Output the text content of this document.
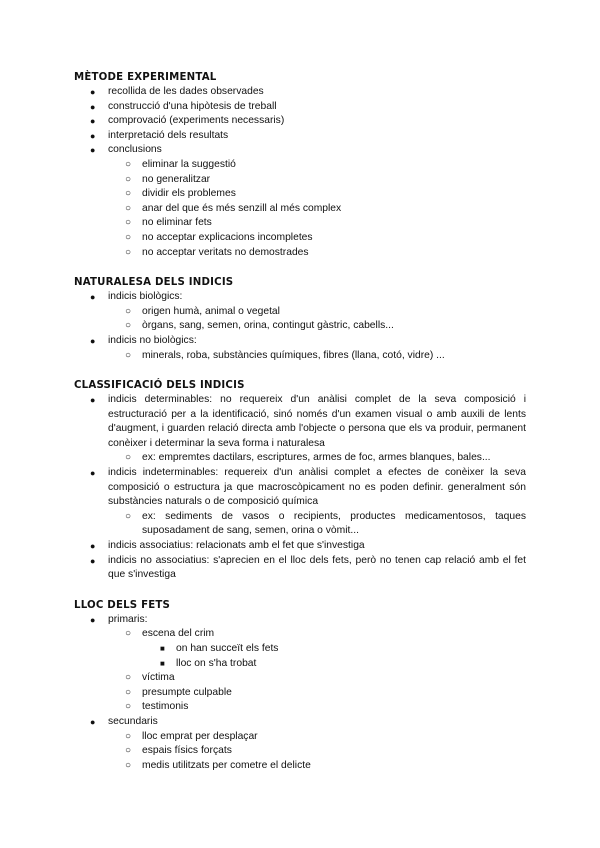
MÈTODE EXPERIMENTAL
● recollida de les dades observades
● construcció d'una hipòtesis de treball
● comprovació (experiments necessaris)
● interpretació dels resultats
● conclusions
○ eliminar la suggestió
○ no generalitzar
○ dividir els problemes
○ anar del que és més senzill al més complex
○ no eliminar fets
○ no acceptar explicacions incompletes
○ no acceptar veritats no demostrades
NATURALESA DELS INDICIS
● indicis biològics:
○ origen humà, animal o vegetal
○ òrgans, sang, semen, orina, contingut gàstric, cabells...
● indicis no biològics:
○ minerals, roba, substàncies químiques, fibres (llana, cotó, vidre) ...
CLASSIFICACIÓ DELS INDICIS
● indicis determinables: no requereix d'un anàlisi complet de la seva composició i estructuració per a la identificació, sinó només d'un examen visual o amb auxili de lents d'augment, i guarden relació directa amb l'objecte o persona que els va produir, permanent conèixer i determinar la seva forma i naturalesa
○ ex: empremtes dactilars, escriptures, armes de foc, armes blanques, bales...
● indicis indeterminables: requereix d'un anàlisi complet a efectes de conèixer la seva composició o estructura ja que macroscòpicament no es poden definir. generalment són substàncies naturals o de composició química
○ ex: sediments de vasos o recipients, productes medicamentosos, taques suposadament de sang, semen, orina o vòmit...
● indicis associatius: relacionats amb el fet que s'investiga
● indicis no associatius: s'aprecien en el lloc dels fets, però no tenen cap relació amb el fet que s'investiga
LLOC DELS FETS
● primaris:
○ escena del crim
■ on han succeït els fets
■ lloc on s'ha trobat
○ víctima
○ presumpte culpable
○ testimonis
● secundaris
○ lloc emprat per desplaçar
○ espais físics forçats
○ medis utilitzats per cometre el delicte
